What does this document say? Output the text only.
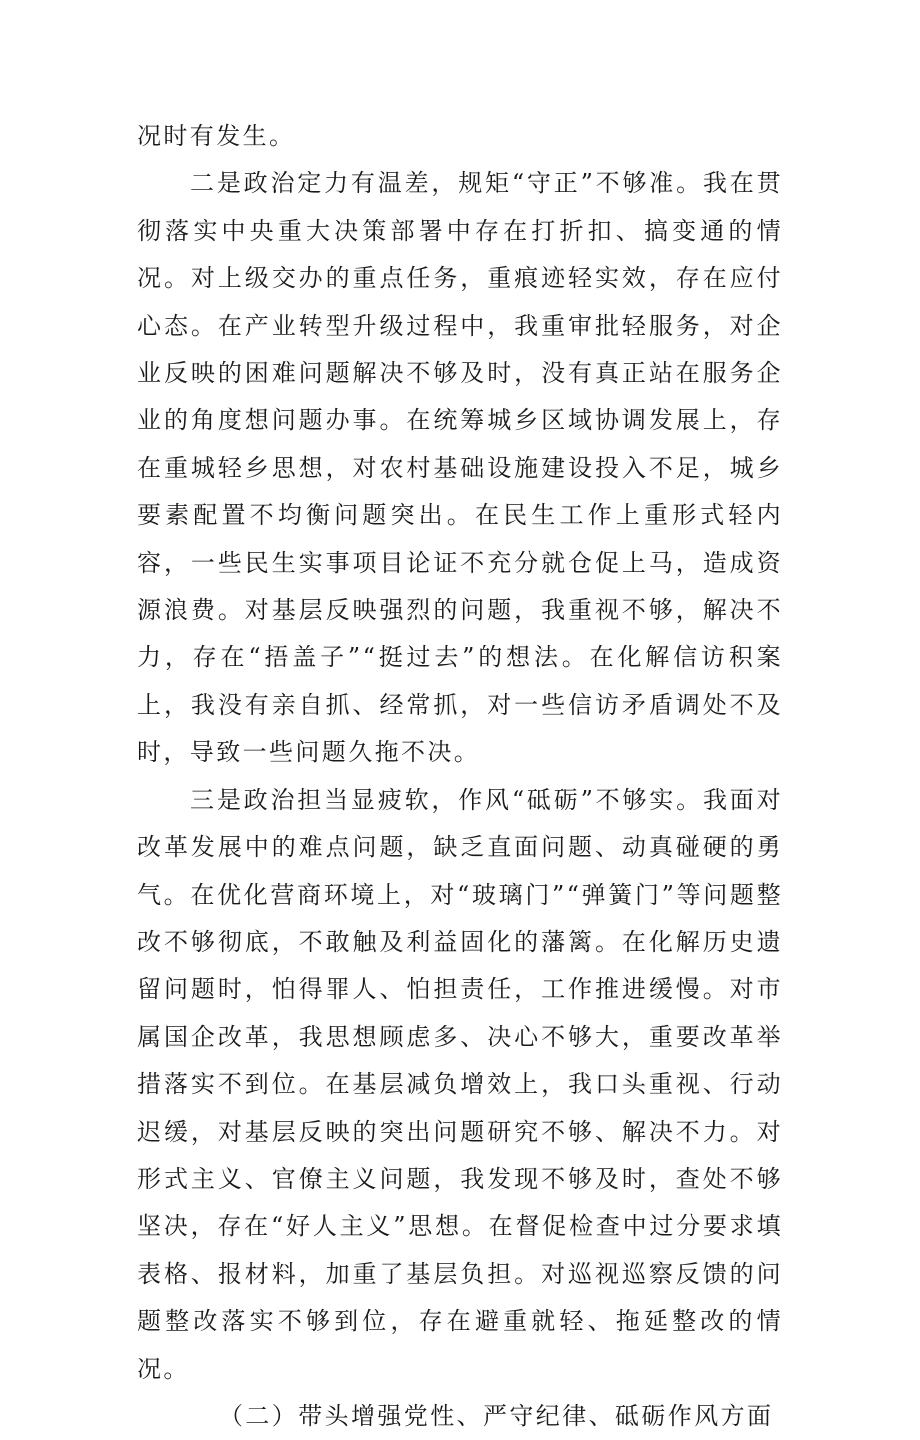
况时有发生。

二是政治定力有温差，规矩“守正”不够准。我在贯彻落实中央重大决策部署中存在打折扣、搞变通的情况。对上级交办的重点任务，重痕迹轻实效，存在应付心态。在产业转型升级过程中，我重审批轻服务，对企业反映的困难问题解决不够及时，没有真正站在服务企业的角度想问题办事。在统筹城乡区域协调发展上，存在重城轻乡思想，对农村基础设施建设投入不足，城乡要素配置不均衡问题突出。在民生工作上重形式轻内容，一些民生实事项目论证不充分就仓促上马，造成资源浪费。对基层反映强烈的问题，我重视不够，解决不力，存在“捂盖子”“挺过去”的想法。在化解信访积案上，我没有亲自抓、经常抓，对一些信访矛盾调处不及时，导致一些问题久拖不决。

三是政治担当显疲软，作风“砥砺”不够实。我面对改革发展中的难点问题，缺乏直面问题、动真碰硬的勇气。在优化营商环境上，对“玻璃门”“弹簧门”等问题整改不够彻底，不敢触及利益固化的藩篱。在化解历史遗留问题时，怕得罪人、怕担责任，工作推进缓慢。对市属国企改革，我思想顾虑多、决心不够大，重要改革举措落实不到位。在基层减负增效上，我口头重视、行动迟缓，对基层反映的突出问题研究不够、解决不力。对形式主义、官僚主义问题，我发现不够及时，查处不够坚决，存在“好人主义”思想。在督促检查中过分要求填表格、报材料，加重了基层负担。对巡视巡察反馈的问题整改落实不够到位，存在避重就轻、拖延整改的情况。

（二）带头增强党性、严守纪律、砥砺作风方面
